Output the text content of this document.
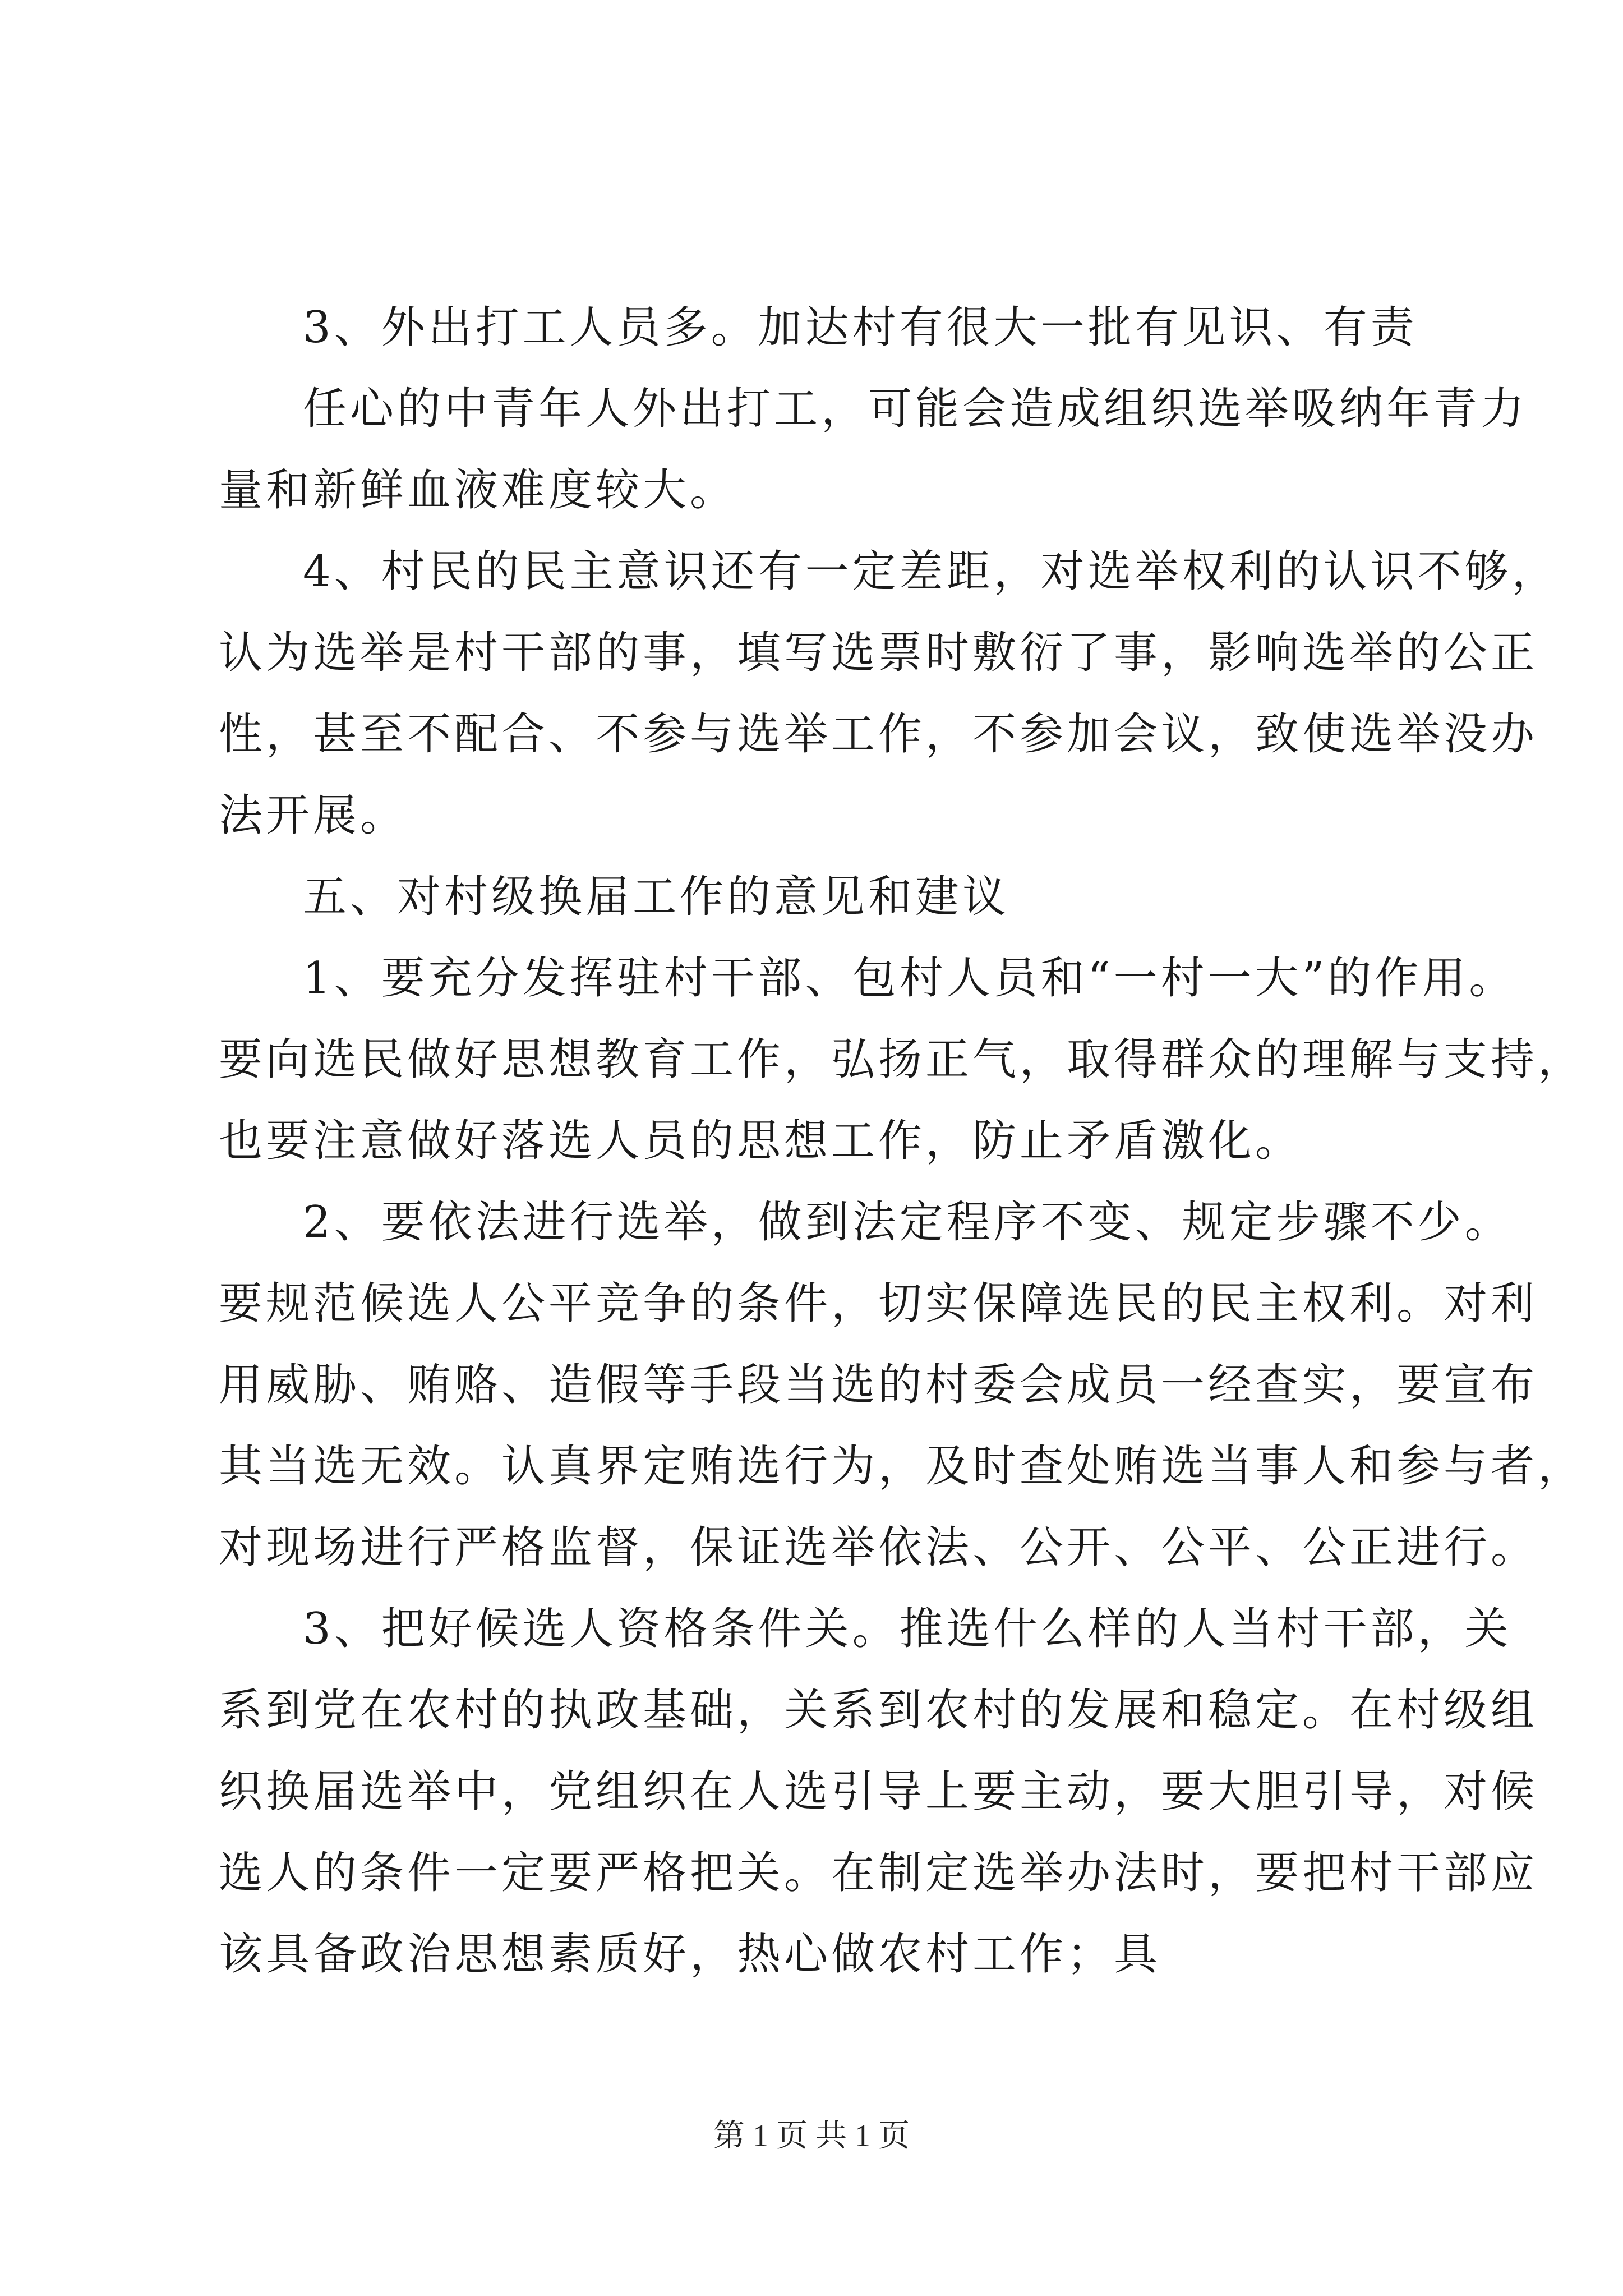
3、外出打工人员多。加达村有很大一批有见识、有责

任心的中青年人外出打工，可能会造成组织选举吸纳年青力

量和新鲜血液难度较大。

4、村民的民主意识还有一定差距，对选举权利的认识不够，

认为选举是村干部的事，填写选票时敷衍了事，影响选举的公正

性，甚至不配合、不参与选举工作，不参加会议，致使选举没办

法开展。

五、对村级换届工作的意见和建议

1、要充分发挥驻村干部、包村人员和“一村一大”的作用。

要向选民做好思想教育工作，弘扬正气，取得群众的理解与支持，

也要注意做好落选人员的思想工作，防止矛盾激化。

2、要依法进行选举，做到法定程序不变、规定步骤不少。

要规范候选人公平竞争的条件，切实保障选民的民主权利。对利

用威胁、贿赂、造假等手段当选的村委会成员一经查实，要宣布

其当选无效。认真界定贿选行为，及时查处贿选当事人和参与者，

对现场进行严格监督，保证选举依法、公开、公平、公正进行。

3、把好候选人资格条件关。推选什么样的人当村干部，关

系到党在农村的执政基础，关系到农村的发展和稳定。在村级组

织换届选举中，党组织在人选引导上要主动，要大胆引导，对候

选人的条件一定要严格把关。在制定选举办法时，要把村干部应

该具备政治思想素质好，热心做农村工作；具

第 1 页 共 1 页
